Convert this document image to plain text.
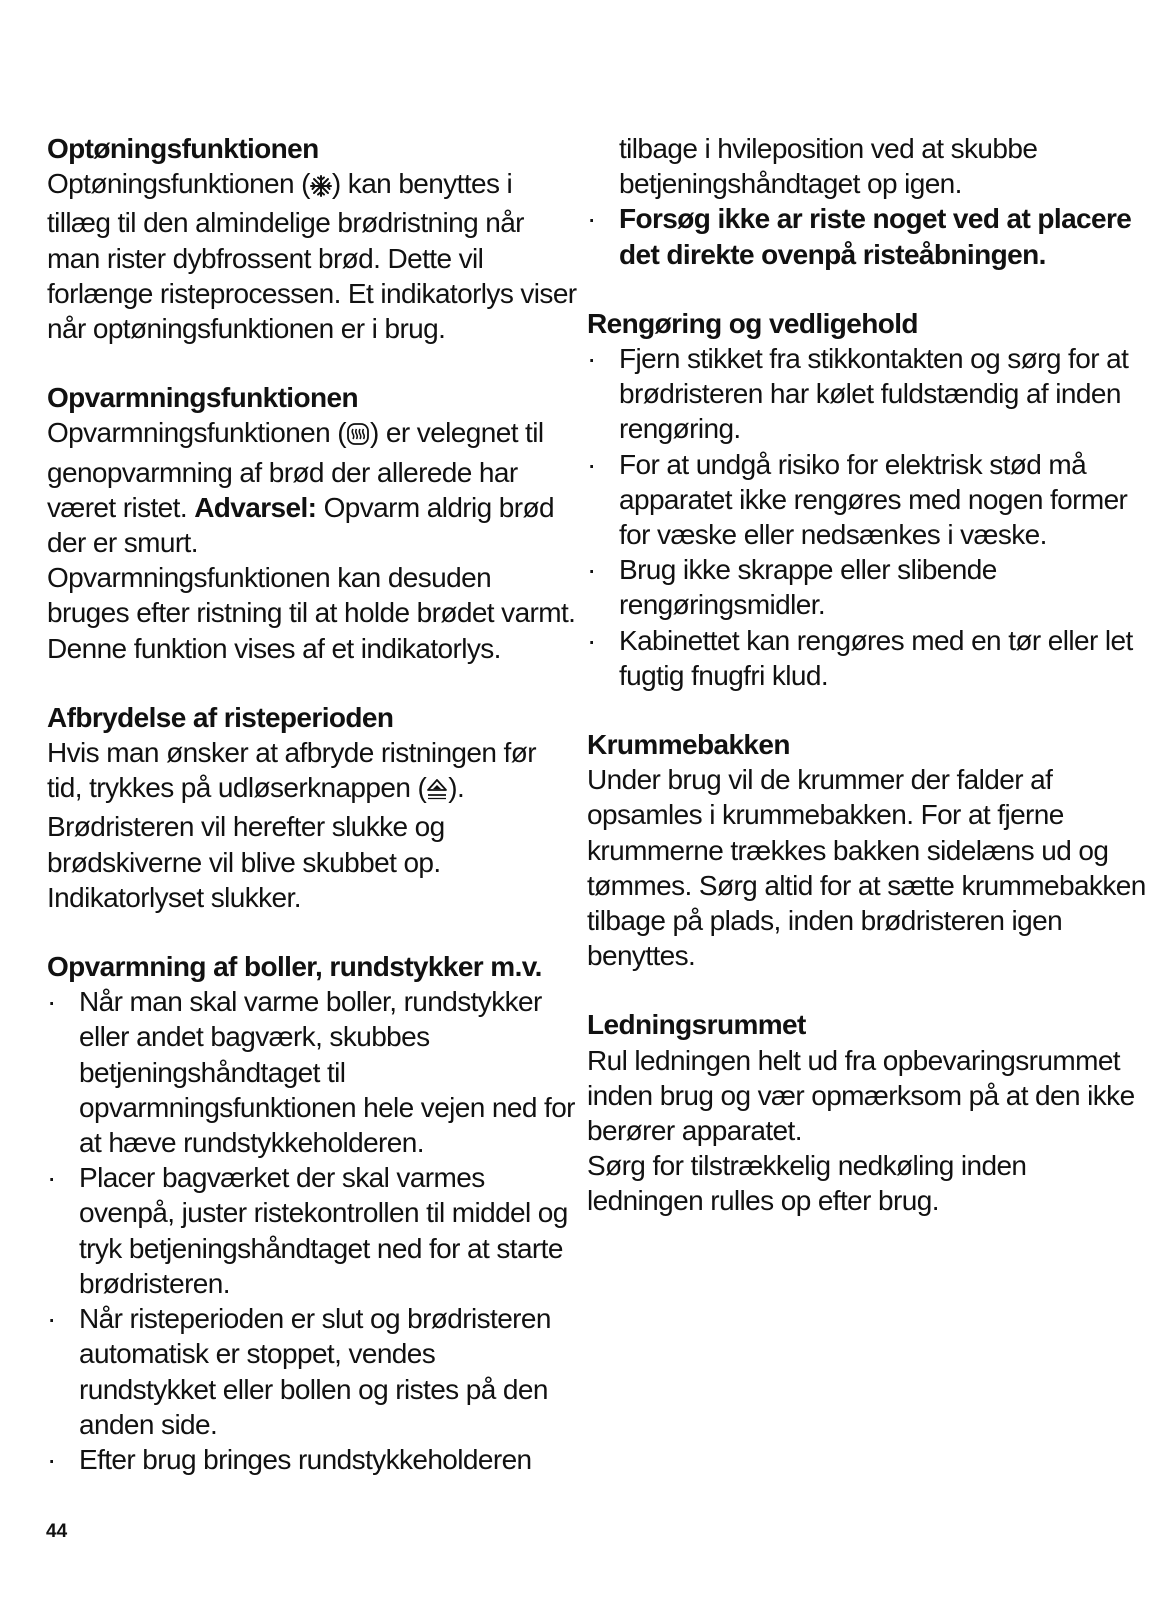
Optøningsfunktionen

Optøningsfunktionen ( ) kan benyttes i tillæg til den almindelige brødristning når man rister dybfrossent brød. Dette vil forlænge risteprocessen. Et indikatorlys viser når optøningsfunktionen er i brug.

Opvarmningsfunktionen

Opvarmningsfunktionen ( ) er velegnet til genopvarmning af brød der allerede har været ristet. Advarsel: Opvarm aldrig brød der er smurt.

Opvarmningsfunktionen kan desuden bruges efter ristning til at holde brødet varmt. Denne funktion vises af et indikatorlys.

Afbrydelse af risteperioden

Hvis man ønsker at afbryde ristningen før tid, trykkes på udløserknappen ( ). Brødristeren vil herefter slukke og brødskiverne vil blive skubbet op. Indikatorlyset slukker.

Opvarmning af boller, rundstykker m.v.
· Når man skal varme boller, rundstykker eller andet bagværk, skubbes betjeningshåndtaget til opvarmningsfunktionen hele vejen ned for at hæve rundstykkeholderen.
· Placer bagværket der skal varmes ovenpå, juster ristekontrollen til middel og tryk betjeningshåndtaget ned for at starte brødristeren.
· Når risteperioden er slut og brødristeren automatisk er stoppet, vendes rundstykket eller bollen og ristes på den anden side.
· Efter brug bringes rundstykkeholderen

tilbage i hvileposition ved at skubbe betjeningshåndtaget op igen.

· Forsøg ikke ar riste noget ved at placere det direkte ovenpå risteåbningen.
Rengøring og vedligehold
· Fjern stikket fra stikkontakten og sørg for at brødristeren har kølet fuldstændig af inden rengøring.
· For at undgå risiko for elektrisk stød må apparatet ikke rengøres med nogen former for væske eller nedsænkes i væske.
· Brug ikke skrappe eller slibende rengøringsmidler.
· Kabinettet kan rengøres med en tør eller let fugtig fnugfri klud.
Krummebakken

Under brug vil de krummer der falder af opsamles i krummebakken. For at fjerne krummerne trækkes bakken sidelæns ud og tømmes. Sørg altid for at sætte krummebakken tilbage på plads, inden brødristeren igen benyttes.

Ledningsrummet

Rul ledningen helt ud fra opbevaringsrummet inden brug og vær opmærksom på at den ikke berører apparatet.

Sørg for tilstrækkelig nedkøling inden ledningen rulles op efter brug.

44
